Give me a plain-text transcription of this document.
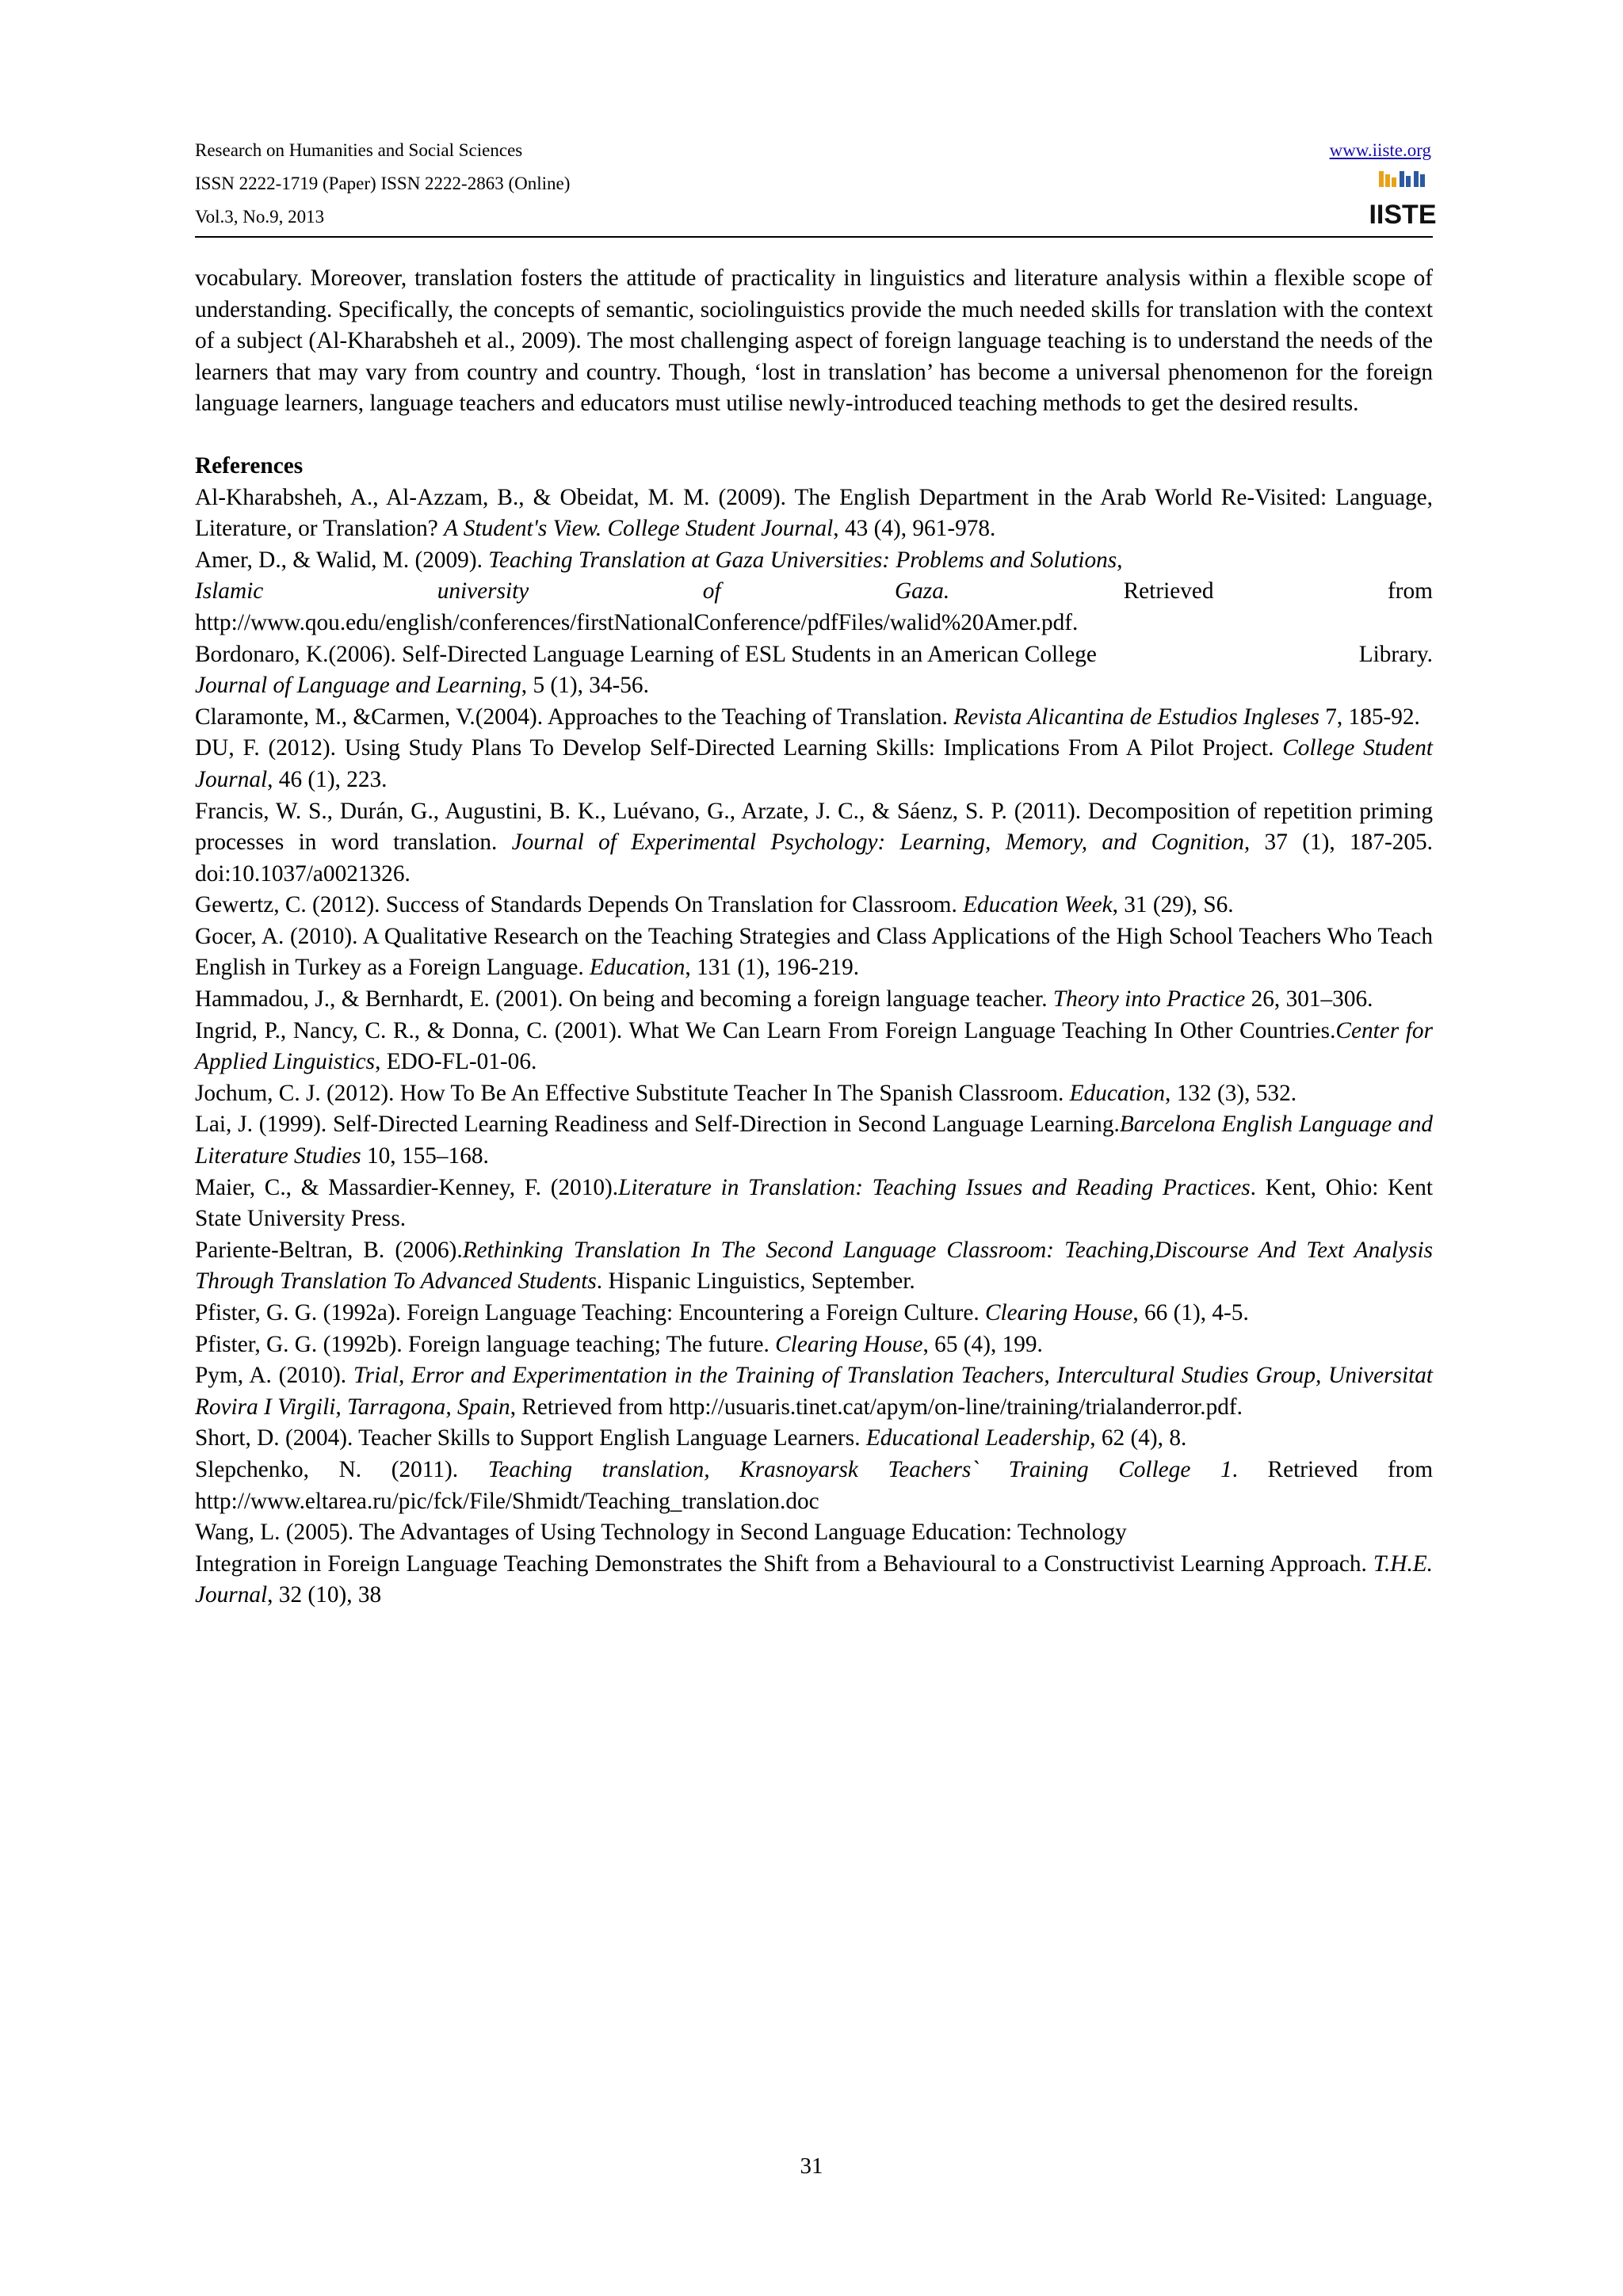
Research on Humanities and Social Sciences
ISSN 2222-1719 (Paper) ISSN 2222-2863 (Online)
Vol.3, No.9, 2013
www.iiste.org
IISTE

vocabulary. Moreover, translation fosters the attitude of practicality in linguistics and literature analysis within a flexible scope of understanding. Specifically, the concepts of semantic, sociolinguistics provide the much needed skills for translation with the context of a subject (Al-Kharabsheh et al., 2009). The most challenging aspect of foreign language teaching is to understand the needs of the learners that may vary from country and country. Though, ‘lost in translation’ has become a universal phenomenon for the foreign language learners, language teachers and educators must utilise newly-introduced teaching methods to get the desired results.

References

Al-Kharabsheh, A., Al-Azzam, B., & Obeidat, M. M. (2009). The English Department in the Arab World Re-Visited: Language, Literature, or Translation? A Student's View. College Student Journal, 43 (4), 961-978.

Amer, D., & Walid, M. (2009). Teaching Translation at Gaza Universities: Problems and Solutions,
Islamic	university	of	Gaza.	Retrieved	from
http://www.qou.edu/english/conferences/firstNationalConference/pdfFiles/walid%20Amer.pdf.
Bordonaro, K.(2006). Self-Directed Language Learning of ESL Students in an American College	Library.
Journal of Language and Learning, 5 (1), 34-56.

Claramonte, M., &Carmen, V.(2004). Approaches to the Teaching of Translation. Revista Alicantina de Estudios Ingleses 7, 185-92.

DU, F. (2012). Using Study Plans To Develop Self-Directed Learning Skills: Implications From A Pilot Project. College Student Journal, 46 (1), 223.

Francis, W. S., Durán, G., Augustini, B. K., Luévano, G., Arzate, J. C., & Sáenz, S. P. (2011). Decomposition of repetition priming processes in word translation. Journal of Experimental Psychology: Learning, Memory, and Cognition, 37 (1), 187-205. doi:10.1037/a0021326.

Gewertz, C. (2012). Success of Standards Depends On Translation for Classroom. Education Week, 31 (29), S6.

Gocer, A. (2010). A Qualitative Research on the Teaching Strategies and Class Applications of the High School Teachers Who Teach English in Turkey as a Foreign Language. Education, 131 (1), 196-219.

Hammadou, J., & Bernhardt, E. (2001). On being and becoming a foreign language teacher. Theory into Practice 26, 301–306.

Ingrid, P., Nancy, C. R., & Donna, C. (2001). What We Can Learn From Foreign Language Teaching In Other Countries.Center for Applied Linguistics, EDO-FL-01-06.

Jochum, C. J. (2012). How To Be An Effective Substitute Teacher In The Spanish Classroom. Education, 132 (3), 532.

Lai, J. (1999). Self-Directed Learning Readiness and Self-Direction in Second Language Learning.Barcelona English Language and Literature Studies 10, 155–168.

Maier, C., & Massardier-Kenney, F. (2010).Literature in Translation: Teaching Issues and Reading Practices. Kent, Ohio: Kent State University Press.

Pariente-Beltran, B. (2006).Rethinking Translation In The Second Language Classroom: Teaching,Discourse And Text Analysis Through Translation To Advanced Students. Hispanic Linguistics, September.

Pfister, G. G. (1992a). Foreign Language Teaching: Encountering a Foreign Culture. Clearing House, 66 (1), 4-5.

Pfister, G. G. (1992b). Foreign language teaching; The future. Clearing House, 65 (4), 199.

Pym, A. (2010). Trial, Error and Experimentation in the Training of Translation Teachers, Intercultural Studies Group, Universitat Rovira I Virgili, Tarragona, Spain, Retrieved from http://usuaris.tinet.cat/apym/on-line/training/trialanderror.pdf.

Short, D. (2004). Teacher Skills to Support English Language Learners. Educational Leadership, 62 (4), 8.

Slepchenko, N. (2011). Teaching translation, Krasnoyarsk Teachers` Training College 1. Retrieved from http://www.eltarea.ru/pic/fck/File/Shmidt/Teaching_translation.doc

Wang, L. (2005). The Advantages of Using Technology in Second Language Education: Technology
Integration in Foreign Language Teaching Demonstrates the Shift from a Behavioural to a Constructivist Learning Approach. T.H.E. Journal, 32 (10), 38
31
